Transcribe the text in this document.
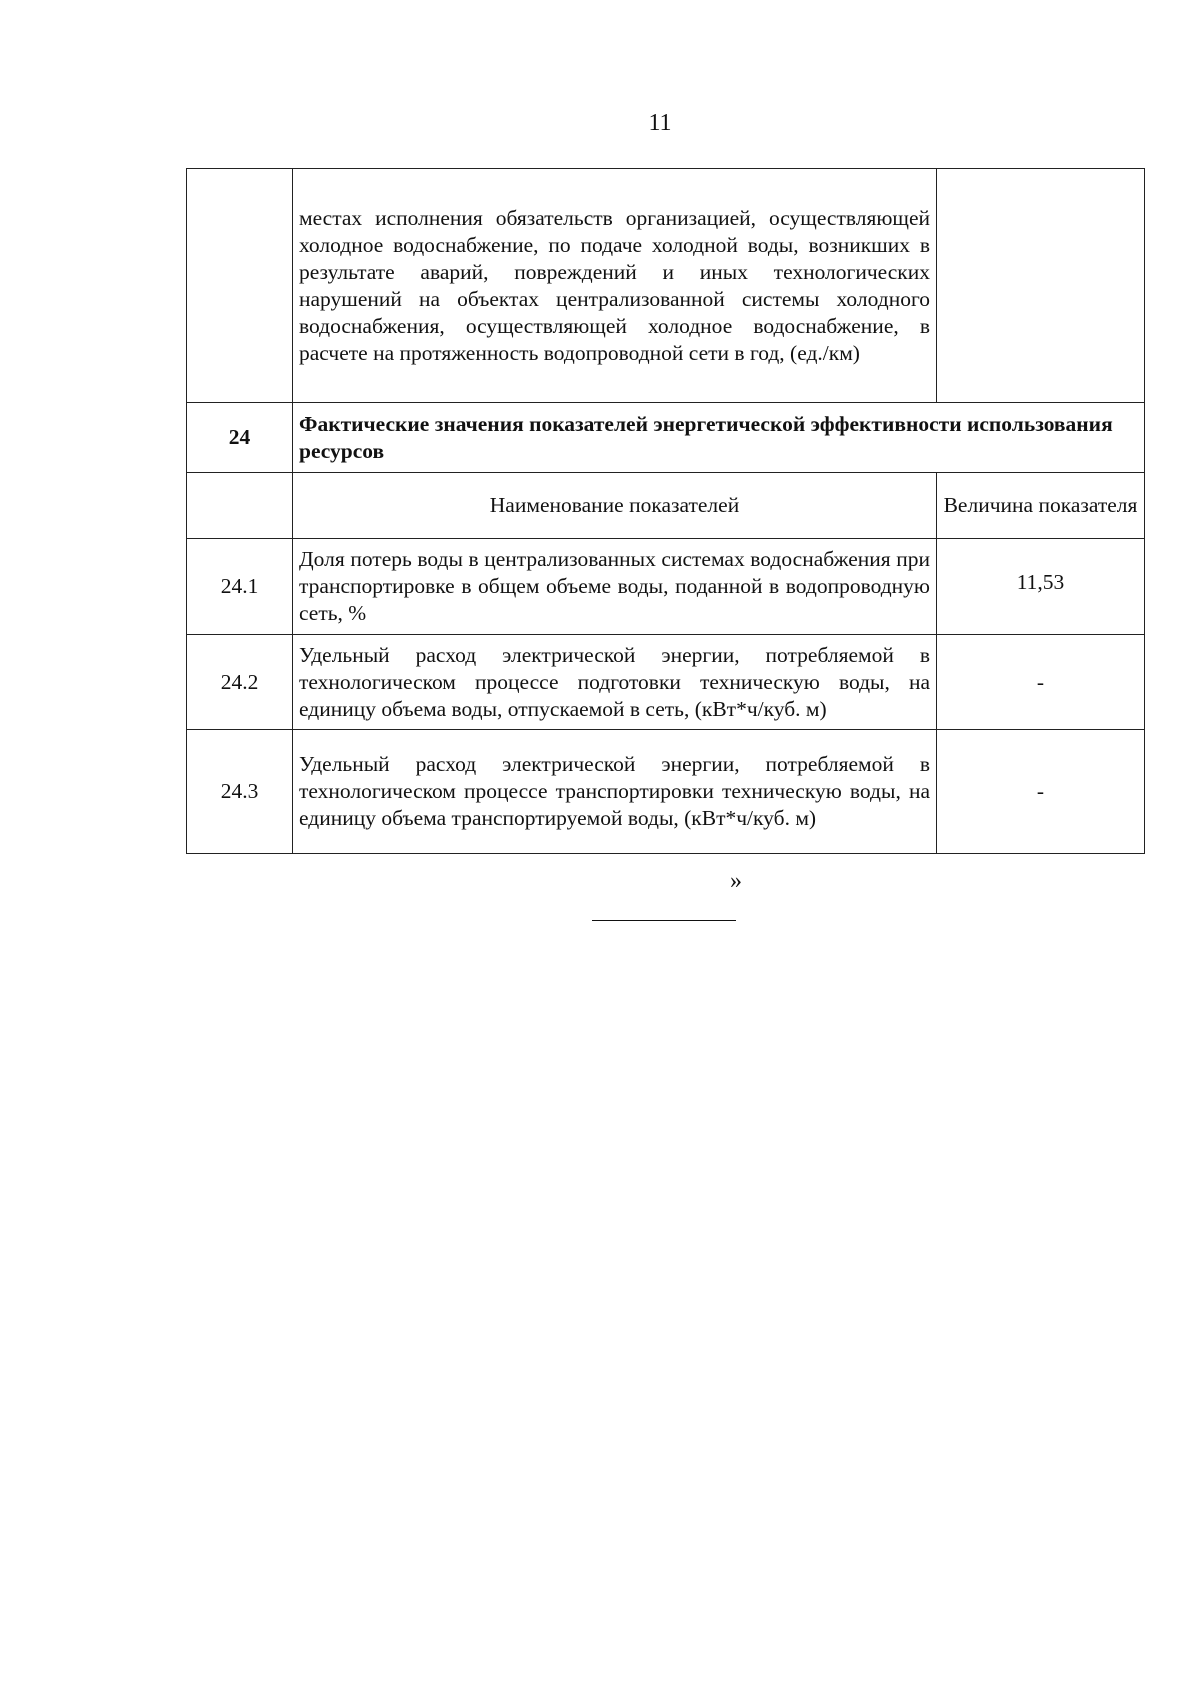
11
	местах исполнения обязательств организацией, осуществляющей холодное водоснабжение, по подаче холодной воды, возникших в результате аварий, повреждений и иных технологических нарушений на объектах централизованной системы холодного водоснабжения, осуществляющей холодное водоснабжение, в расчете на протяженность водопроводной сети в год, (ед./км)	
24	Фактические значения показателей энергетической эффективности использования ресурсов	
	Наименование показателей	Величина показателя
24.1	Доля потерь воды в централизованных системах водоснабжения при транспортировке в общем объеме воды, поданной в водопроводную сеть, %	11,53
24.2	Удельный расход электрической энергии, потребляемой в технологическом процессе подготовки техническую воды, на единицу объема воды, отпускаемой в сеть, (кВт*ч/куб. м)	-
24.3	Удельный расход электрической энергии, потребляемой в технологическом процессе транспортировки техническую воды, на единицу объема транспортируемой воды, (кВт*ч/куб. м)	-
»
